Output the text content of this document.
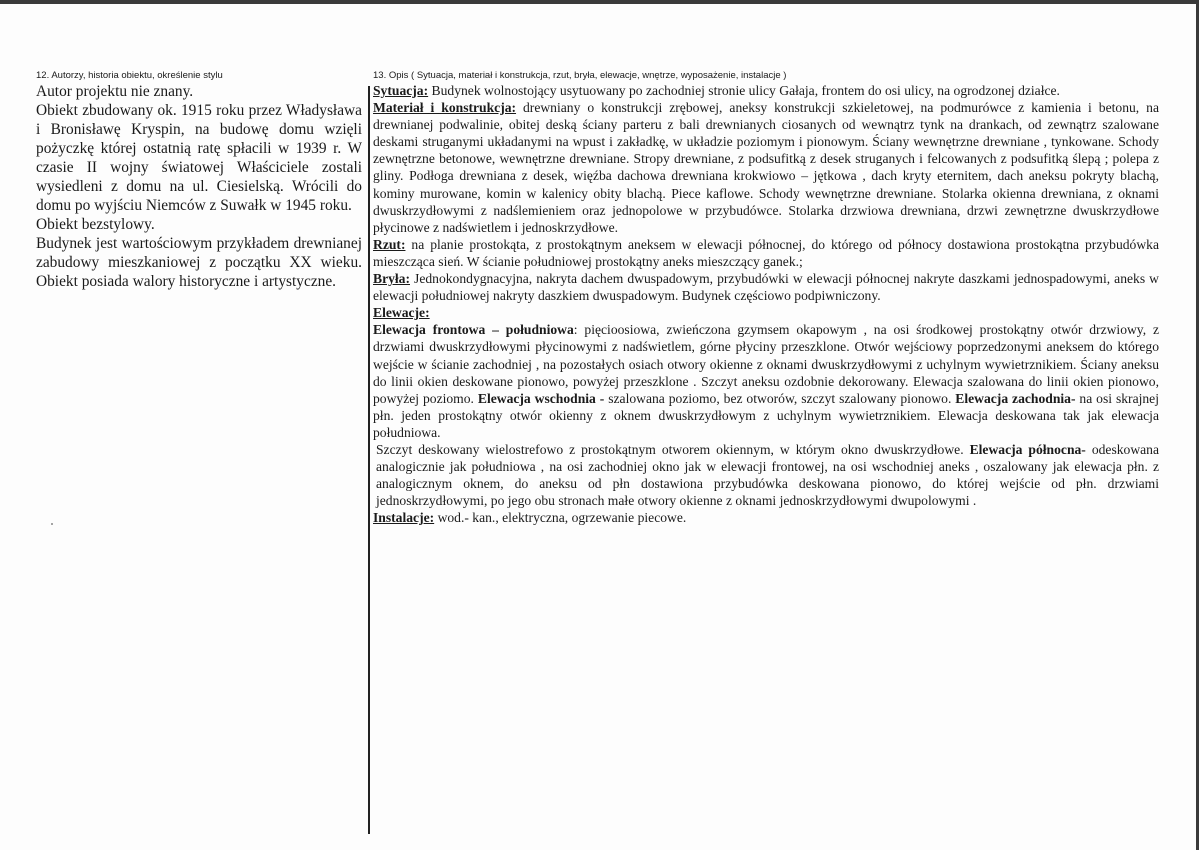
12. Autorzy, historia obiektu, określenie stylu

Autor projektu nie znany.

Obiekt zbudowany ok. 1915 roku przez Władysława i Bronisławę Kryspin, na budowę domu wzięli pożyczkę której ostatnią ratę spłacili w 1939 r. W czasie II wojny światowej Właściciele zostali wysiedleni z domu na ul. Ciesielską. Wrócili do domu po wyjściu Niemców z Suwałk w 1945 roku.

Obiekt bezstylowy.

Budynek jest wartościowym przykładem drewnianej zabudowy mieszkaniowej z początku XX wieku. Obiekt posiada walory historyczne i artystyczne.

13. Opis ( Sytuacja, materiał i konstrukcja, rzut, bryła, elewacje, wnętrze, wyposażenie, instalacje )

Sytuacja: Budynek wolnostojący usytuowany po zachodniej stronie ulicy Gałaja, frontem do osi ulicy, na ogrodzonej działce.

Materiał i konstrukcja: drewniany o konstrukcji zrębowej, aneksy konstrukcji szkieletowej, na podmurówce z kamienia i betonu, na drewnianej podwalinie, obitej deską ściany parteru z bali drewnianych ciosanych od wewnątrz tynk na drankach, od zewnątrz szalowane deskami struganymi układanymi na wpust i zakładkę, w układzie poziomym i pionowym. Ściany wewnętrzne drewniane , tynkowane. Schody zewnętrzne betonowe, wewnętrzne drewniane. Stropy drewniane, z podsufitką z desek struganych i felcowanych z podsufitką ślepą ; polepa z gliny. Podłoga drewniana z desek, więźba dachowa drewniana krokwiowo – jętkowa , dach kryty eternitem, dach aneksu pokryty blachą, kominy murowane, komin w kalenicy obity blachą. Piece kaflowe. Schody wewnętrzne drewniane. Stolarka okienna drewniana, z oknami dwuskrzydłowymi z nadślemieniem oraz jednopolowe w przybudówce. Stolarka drzwiowa drewniana, drzwi zewnętrzne dwuskrzydłowe płycinowe z nadświetlem i jednoskrzydłowe.

Rzut: na planie prostokąta, z prostokątnym aneksem w elewacji północnej, do którego od północy dostawiona prostokątna przybudówka mieszcząca sień. W ścianie południowej prostokątny aneks mieszczący ganek.;

Bryła: Jednokondygnacyjna, nakryta dachem dwuspadowym, przybudówki w elewacji północnej nakryte daszkami jednospadowymi, aneks w elewacji południowej nakryty daszkiem dwuspadowym. Budynek częściowo podpiwniczony.

Elewacje:

Elewacja frontowa – południowa: pięcioosiowa, zwieńczona gzymsem okapowym , na osi środkowej prostokątny otwór drzwiowy, z drzwiami dwuskrzydłowymi płycinowymi z nadświetlem, górne płyciny przeszklone. Otwór wejściowy poprzedzonymi aneksem do którego wejście w ścianie zachodniej , na pozostałych osiach otwory okienne z oknami dwuskrzydłowymi z uchylnym wywietrznikiem. Ściany aneksu do linii okien deskowane pionowo, powyżej przeszklone . Szczyt aneksu ozdobnie dekorowany. Elewacja szalowana do linii okien pionowo, powyżej poziomo. Elewacja wschodnia - szalowana poziomo, bez otworów, szczyt szalowany pionowo. Elewacja zachodnia- na osi skrajnej płn. jeden prostokątny otwór okienny z oknem dwuskrzydłowym z uchylnym wywietrznikiem. Elewacja deskowana tak jak elewacja południowa.

Szczyt deskowany wielostrefowo z prostokątnym otworem okiennym, w którym okno dwuskrzydłowe. Elewacja północna- odeskowana analogicznie jak południowa , na osi zachodniej okno jak w elewacji frontowej, na osi wschodniej aneks , oszalowany jak elewacja płn. z analogicznym oknem, do aneksu od płn dostawiona przybudówka deskowana pionowo, do której wejście od płn. drzwiami jednoskrzydłowymi, po jego obu stronach małe otwory okienne z oknami jednoskrzydłowymi dwupolowymi .

Instalacje: wod.- kan., elektryczna, ogrzewanie piecowe.
